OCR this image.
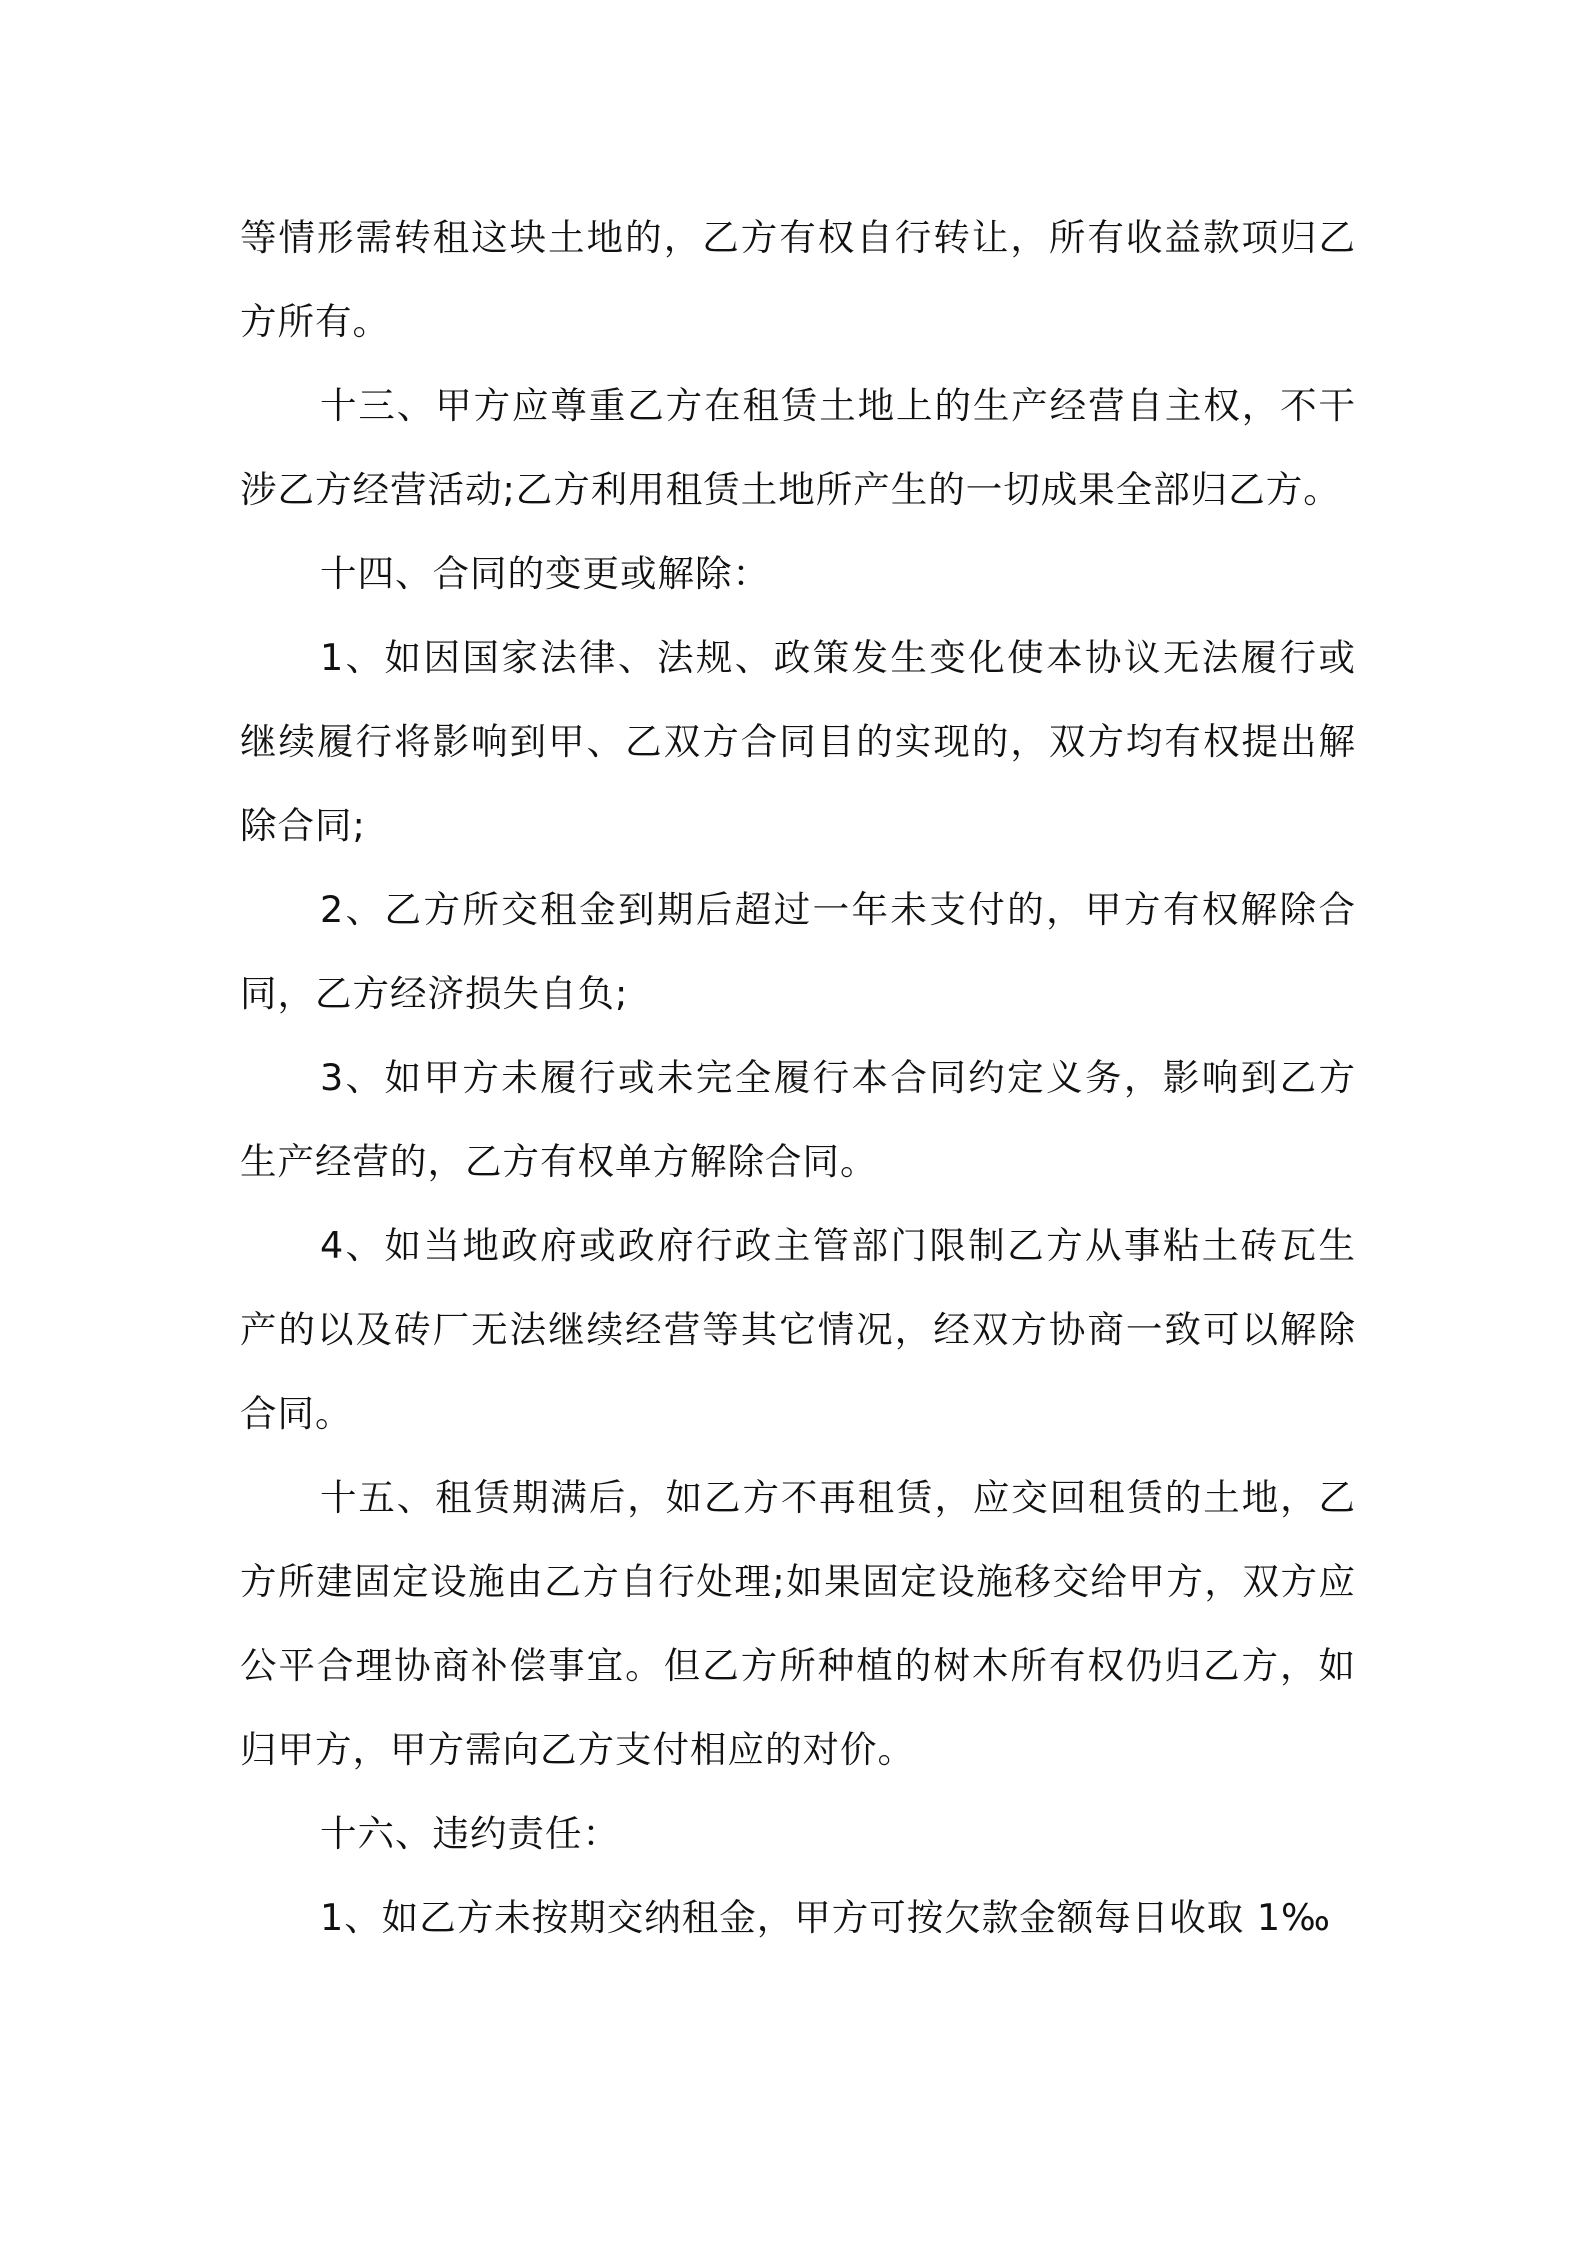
等情形需转租这块土地的，乙方有权自行转让，所有收益款项归乙方所有。

十三、甲方应尊重乙方在租赁土地上的生产经营自主权，不干涉乙方经营活动;乙方利用租赁土地所产生的一切成果全部归乙方。

十四、合同的变更或解除：

1、如因国家法律、法规、政策发生变化使本协议无法履行或继续履行将影响到甲、乙双方合同目的实现的，双方均有权提出解除合同;

2、乙方所交租金到期后超过一年未支付的，甲方有权解除合同，乙方经济损失自负;

3、如甲方未履行或未完全履行本合同约定义务，影响到乙方生产经营的，乙方有权单方解除合同。

4、如当地政府或政府行政主管部门限制乙方从事粘土砖瓦生产的以及砖厂无法继续经营等其它情况，经双方协商一致可以解除合同。

十五、租赁期满后，如乙方不再租赁，应交回租赁的土地，乙方所建固定设施由乙方自行处理;如果固定设施移交给甲方，双方应公平合理协商补偿事宜。但乙方所种植的树木所有权仍归乙方，如归甲方，甲方需向乙方支付相应的对价。

十六、违约责任：

1、如乙方未按期交纳租金，甲方可按欠款金额每日收取 1‰
